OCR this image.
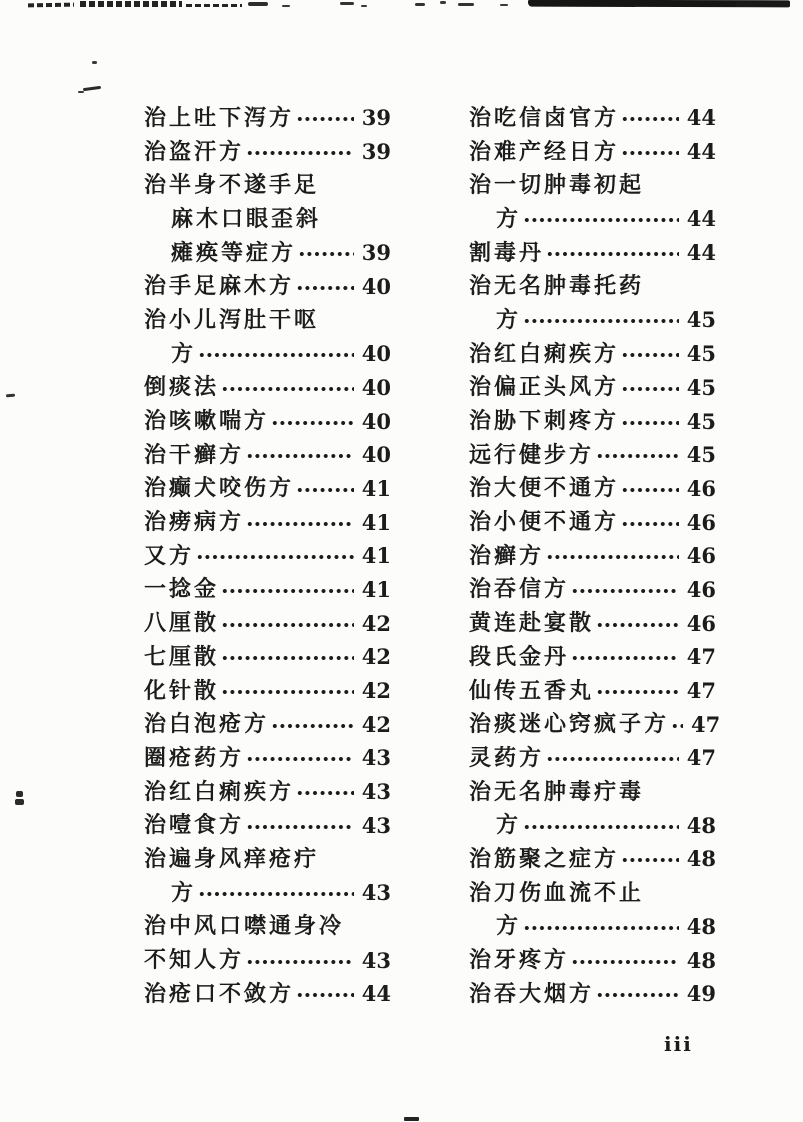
治上吐下泻方	39
治盗汗方	39
治半身不遂手足
麻木口眼歪斜
瘫痪等症方	39
治手足麻木方	40
治小儿泻肚干呕
方	40
倒痰法	40
治咳嗽喘方	40
治干癣方	40
治癫犬咬伤方	41
治痨病方	41
又方	41
一捻金	41
八厘散	42
七厘散	42
化针散	42
治白泡疮方	42
圈疮药方	43
治红白痢疾方	43
治噎食方	43
治遍身风痒疮疔
方	43
治中风口噤通身冷
不知人方	43
治疮口不敛方	44
治吃信卤官方	44
治难产经日方	44
治一切肿毒初起
方	44
割毒丹	44
治无名肿毒托药
方	45
治红白痢疾方	45
治偏正头风方	45
治胁下刺疼方	45
远行健步方	45
治大便不通方	46
治小便不通方	46
治癣方	46
治吞信方	46
黄连赴宴散	46
段氏金丹	47
仙传五香丸	47
治痰迷心窍疯子方 47
灵药方	47
治无名肿毒疔毒
方	48
治筋聚之症方	48
治刀伤血流不止
方	48
治牙疼方	48
治吞大烟方	49
iii
